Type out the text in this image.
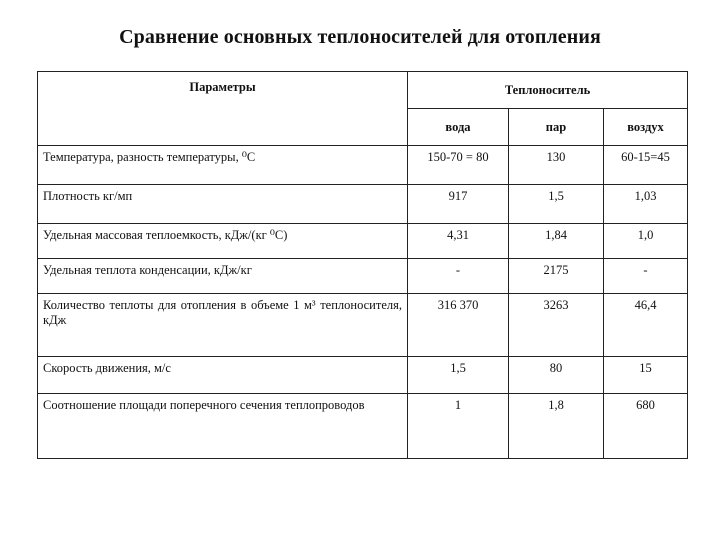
Сравнение основных теплоносителей для отопления
Параметры	Теплоноситель		
	вода	пар	воздух
Температура, разность температуры, ⁰С	150-70 = 80	130	60-15=45
Плотность кг/мп	917	1,5	1,03
Удельная массовая теплоемкость, кДж/(кг ⁰С)	4,31	1,84	1,0
Удельная теплота конденсации, кДж/кг	-	2175	-
Количество теплоты для отопления в объеме 1 м³ теплоносителя, кДж	316 370	3263	46,4
Скорость движения, м/с	1,5	80	15
Соотношение площади поперечного сечения теплопроводов	1	1,8	680
